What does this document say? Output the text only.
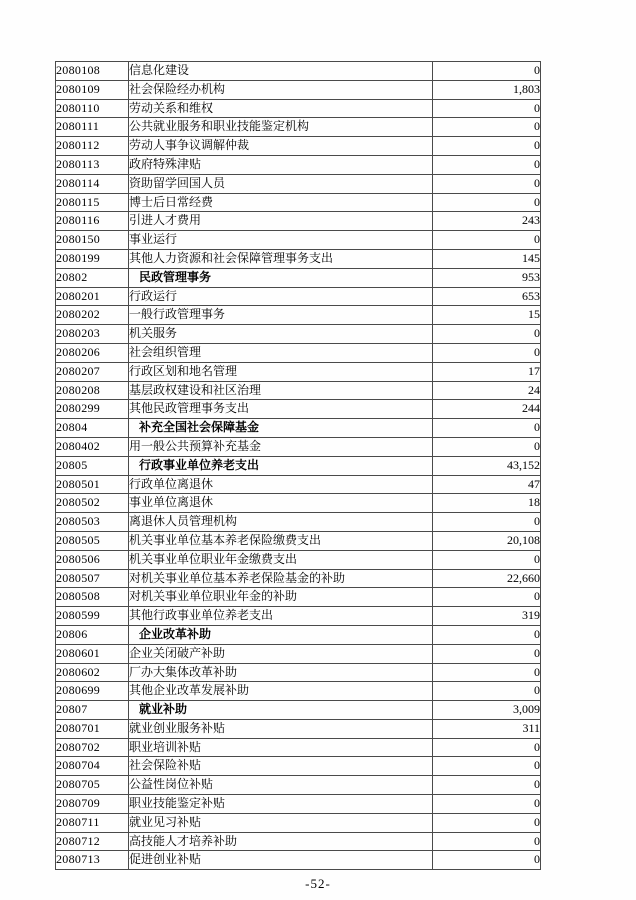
2080108	信息化建设	0
2080109	社会保险经办机构	1,803
2080110	劳动关系和维权	0
2080111	公共就业服务和职业技能鉴定机构	0
2080112	劳动人事争议调解仲裁	0
2080113	政府特殊津贴	0
2080114	资助留学回国人员	0
2080115	博士后日常经费	0
2080116	引进人才费用	243
2080150	事业运行	0
2080199	其他人力资源和社会保障管理事务支出	145
20802	民政管理事务	953
2080201	行政运行	653
2080202	一般行政管理事务	15
2080203	机关服务	0
2080206	社会组织管理	0
2080207	行政区划和地名管理	17
2080208	基层政权建设和社区治理	24
2080299	其他民政管理事务支出	244
20804	补充全国社会保障基金	0
2080402	用一般公共预算补充基金	0
20805	行政事业单位养老支出	43,152
2080501	行政单位离退休	47
2080502	事业单位离退休	18
2080503	离退休人员管理机构	0
2080505	机关事业单位基本养老保险缴费支出	20,108
2080506	机关事业单位职业年金缴费支出	0
2080507	对机关事业单位基本养老保险基金的补助	22,660
2080508	对机关事业单位职业年金的补助	0
2080599	其他行政事业单位养老支出	319
20806	企业改革补助	0
2080601	企业关闭破产补助	0
2080602	厂办大集体改革补助	0
2080699	其他企业改革发展补助	0
20807	就业补助	3,009
2080701	就业创业服务补贴	311
2080702	职业培训补贴	0
2080704	社会保险补贴	0
2080705	公益性岗位补贴	0
2080709	职业技能鉴定补贴	0
2080711	就业见习补贴	0
2080712	高技能人才培养补助	0
2080713	促进创业补贴	0
-52-
